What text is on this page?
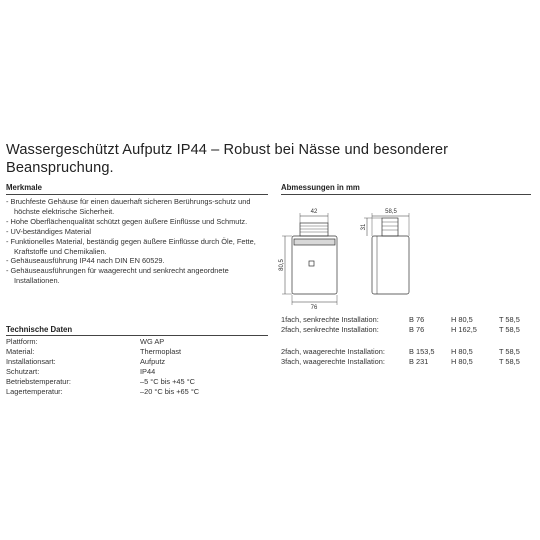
Wassergeschützt Aufputz IP44 – Robust bei Nässe und besonderer Beanspruchung.
Merkmale
- Bruchfeste Gehäuse für einen dauerhaft sicheren Berührungs-schutz und höchste elektrische Sicherheit.
- Hohe Oberflächenqualität schützt gegen äußere Einflüsse und Schmutz.
- UV-beständiges Material
- Funktionelles Material, beständig gegen äußere Einflüsse durch Öle, Fette, Kraftstoffe und Chemikalien.
- Gehäuseausführung IP44 nach DIN EN 60529.
- Gehäuseausführungen für waagerecht und senkrecht angeordnete Installationen.
Technische Daten
Plattform:	WG AP
Material:	Thermoplast
Installationsart:	Aufputz
Schutzart:	IP44
Betriebstemperatur:	–5 °C bis +45 °C
Lagertemperatur:	–20 °C bis +65 °C
Abmessungen in mm
42
80,5
76
58,5
31
1fach, senkrechte Installation:	B 76	H 80,5	T 58,5
2fach, senkrechte Installation:	B 76	H 162,5	T 58,5
2fach, waagerechte Installation:	B 153,5	H 80,5	T 58,5
3fach, waagerechte Installation:	B 231	H 80,5	T 58,5
